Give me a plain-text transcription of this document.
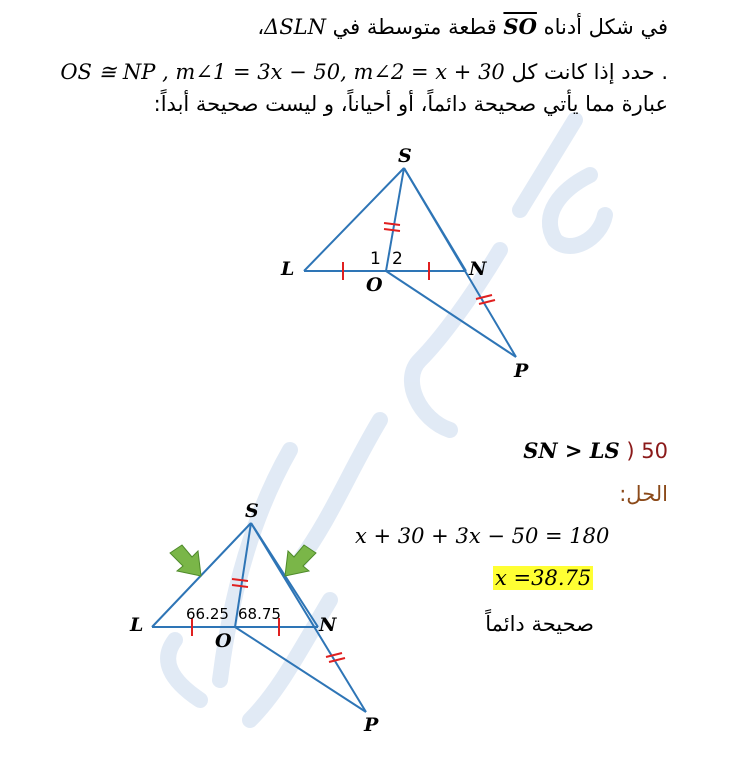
في شكل أدناه $\overline{SO}$ قطعة متوسطة في ΔSLN،
. حدد إذا كانت كل OS ≅ NP , m∠1 = 3x − 50, m∠2 = x + 30
عبارة مما يأتي صحيحة دائماً، أو أحياناً، و ليست صحيحة أبداً:
S
L	N
O
P
1 2
50 ( SN > LS
الحل:
x + 30 + 3x − 50 = 180
x =38.75
صحيحة دائماً
S
L	N
O
P
66.25 68.75
